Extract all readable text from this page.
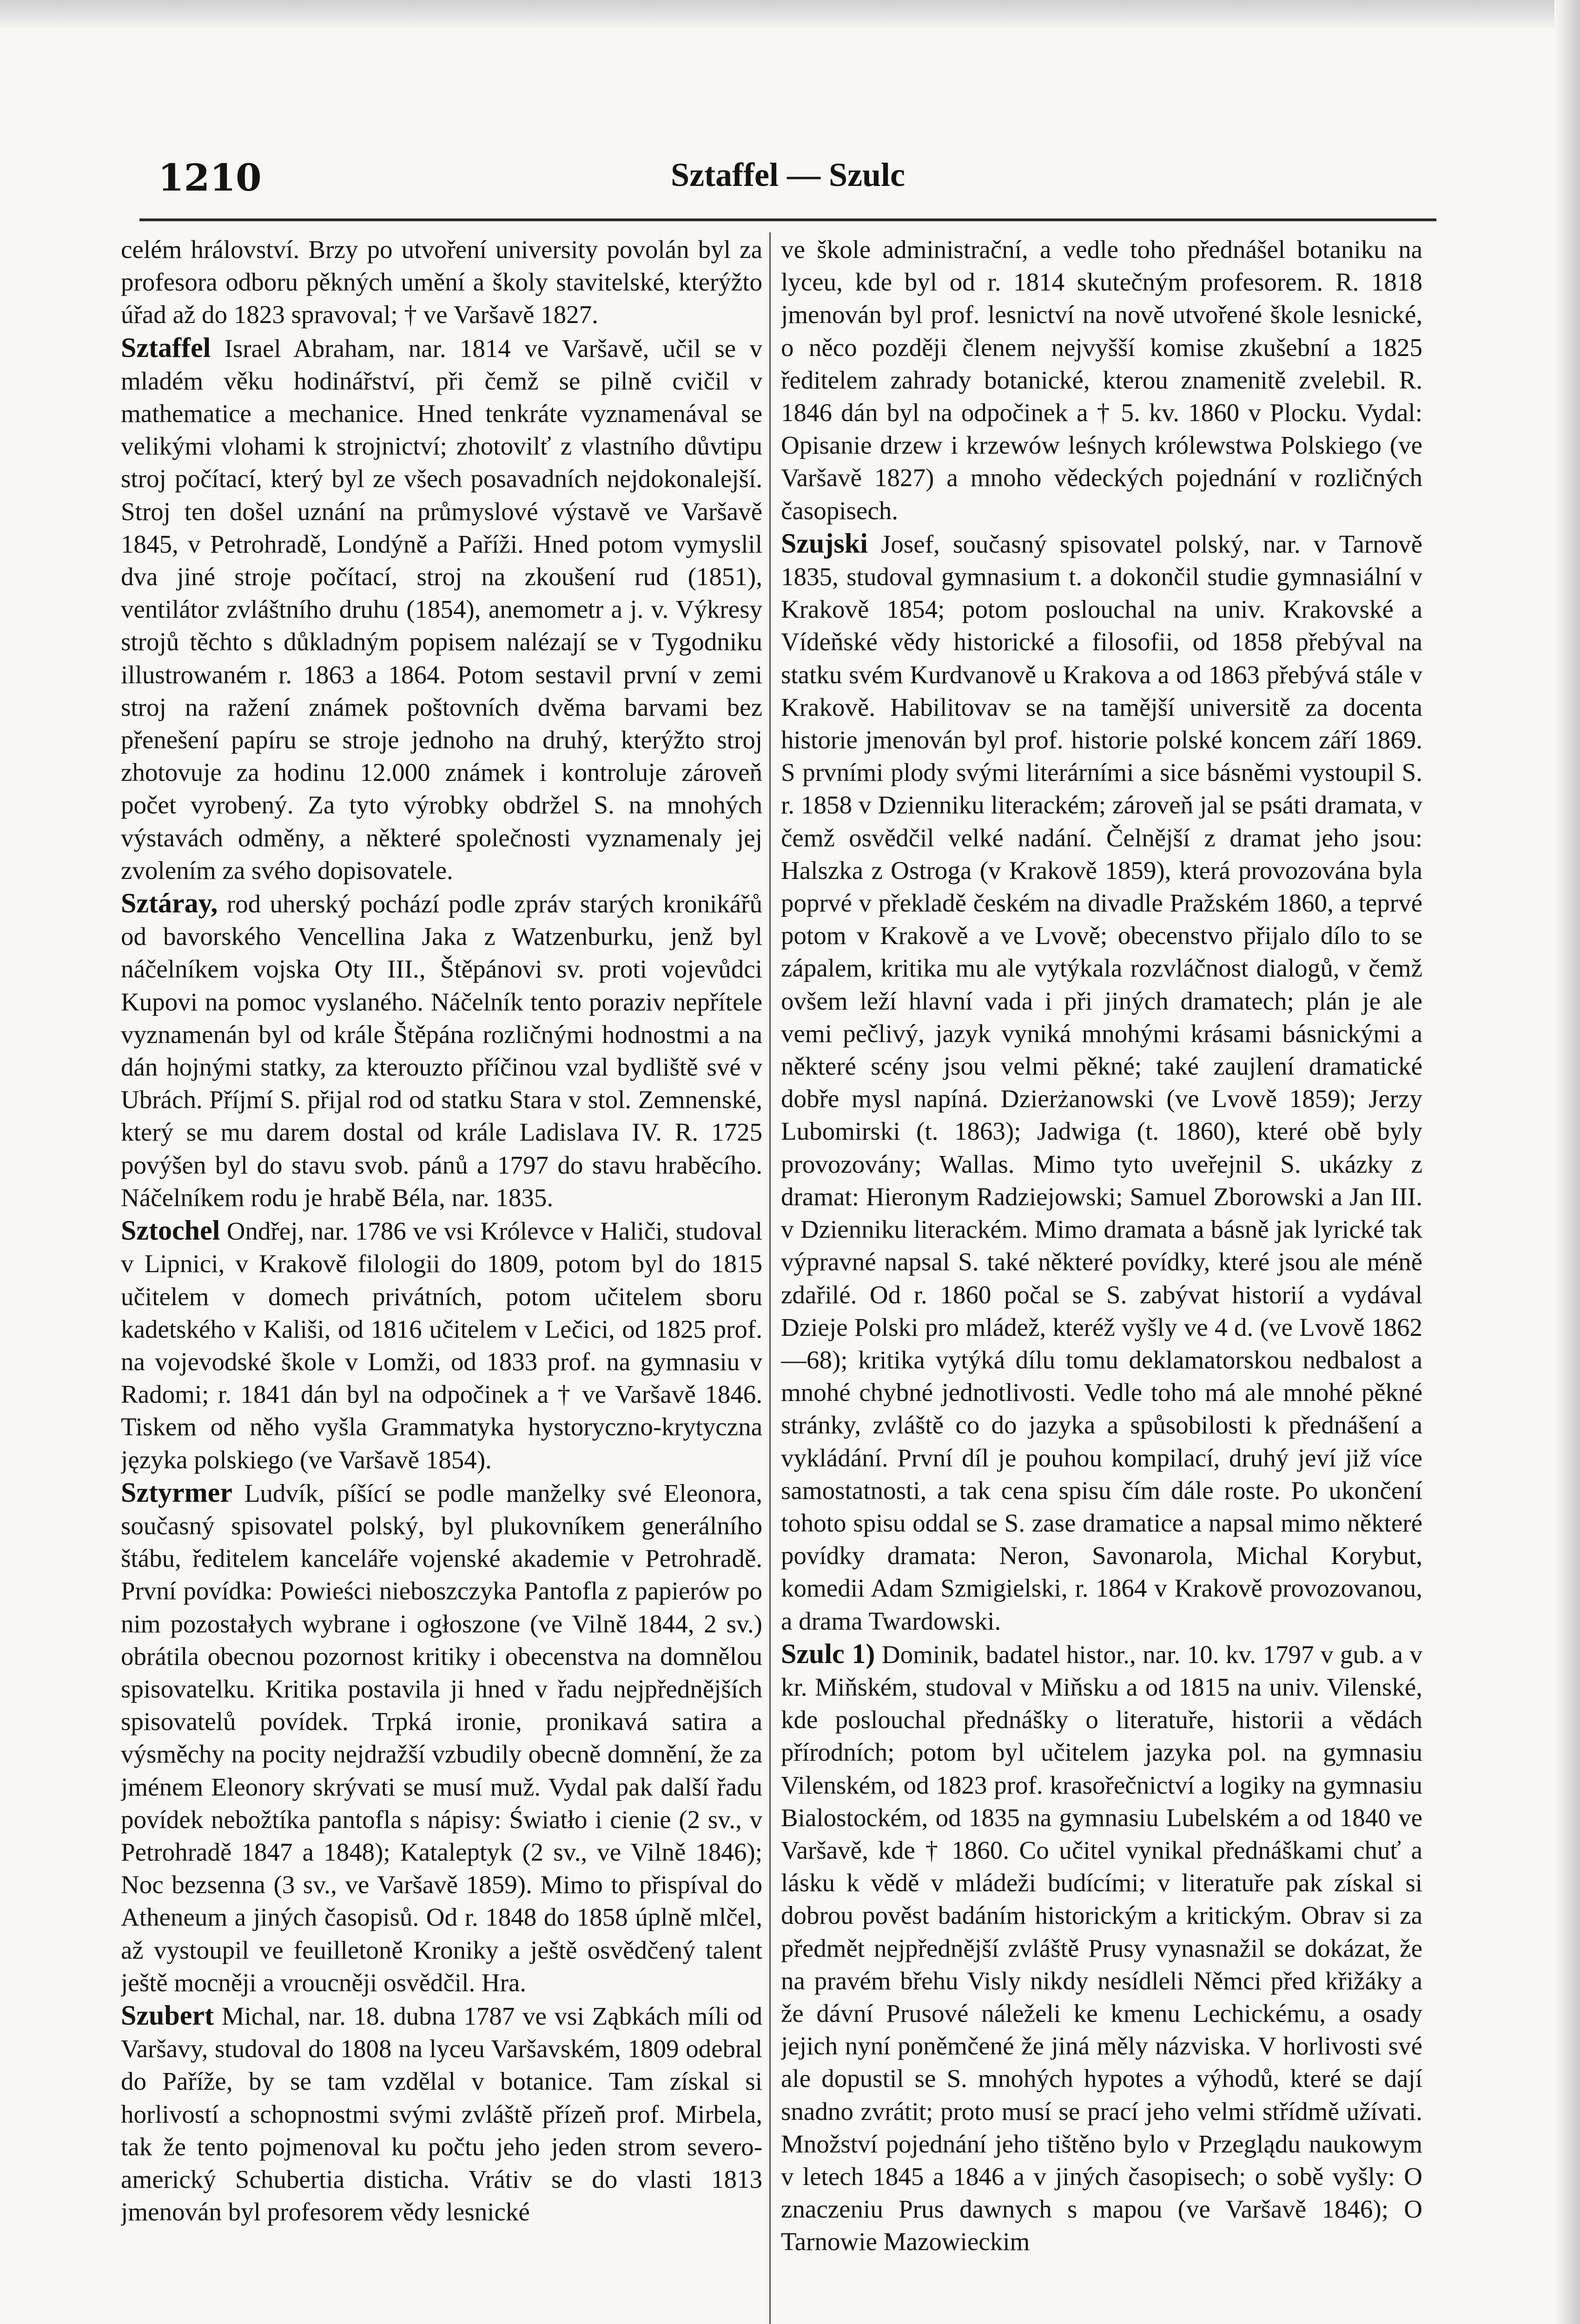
1210	Sztaffel — Szulc

celém hrálovství. Brzy po utvoření university povolán byl za profesora odboru pěkných umění a školy stavitelské, kterýžto úřad až do 1823 spravoval; † ve Varšavě 1827.

Sztaffel Israel Abraham, nar. 1814 ve Varšavě, učil se v mladém věku hodinářství, při čemž se pilně cvičil v mathematice a mechanice. Hned tenkráte vyznamenával se velikými vlohami k strojnictví; zhotovilť z vlastního důvtipu stroj počítací, který byl ze všech posavadních nejdokonalejší. Stroj ten došel uznání na průmyslové výstavě ve Varšavě 1845, v Petrohradě, Londýně a Paříži. Hned potom vymyslil dva jiné stroje počítací, stroj na zkoušení rud (1851), ventilátor zvláštního druhu (1854), anemometr a j. v. Výkresy strojů těchto s důkladným popisem nalézají se v Tygodniku illustrowaném r. 1863 a 1864. Potom sestavil první v zemi stroj na ražení známek poštovních dvěma barvami bez přenešení papíru se stroje jednoho na druhý, kterýžto stroj zhotovuje za hodinu 12.000 známek i kontroluje zároveň počet vyrobený. Za tyto výrobky obdržel S. na mnohých výstavách odměny, a některé společnosti vyznamenaly jej zvolením za svého dopisovatele.

Sztáray, rod uherský pochází podle zpráv starých kronikářů od bavorského Vencellina Jaka z Watzenburku, jenž byl náčelníkem vojska Oty III., Štěpánovi sv. proti vojevůdci Kupovi na pomoc vyslaného. Náčelník tento poraziv nepřítele vyznamenán byl od krále Štěpána rozličnými hodnostmi a na dán hojnými statky, za kterouzto příčinou vzal bydliště své v Ubrách. Příjmí S. přijal rod od statku Stara v stol. Zemnenské, který se mu darem dostal od krále Ladislava IV. R. 1725 povýšen byl do stavu svob. pánů a 1797 do stavu hraběcího. Náčelníkem rodu je hrabě Béla, nar. 1835.

Sztochel Ondřej, nar. 1786 ve vsi Królevce v Haliči, studoval v Lipnici, v Krakově filologii do 1809, potom byl do 1815 učitelem v domech privátních, potom učitelem sboru kadetského v Kališi, od 1816 učitelem v Lečici, od 1825 prof. na vojevodské škole v Lomži, od 1833 prof. na gymnasiu v Radomi; r. 1841 dán byl na odpočinek a † ve Varšavě 1846. Tiskem od něho vyšla Grammatyka hystoryczno-krytyczna języka polskiego (ve Varšavě 1854).

Sztyrmer Ludvík, píšící se podle manželky své Eleonora, současný spisovatel polský, byl plukovníkem generálního štábu, ředitelem kanceláře vojenské akademie v Petrohradě. První povídka: Powieści nieboszczyka Pantofla z papierów po nim pozostałych wybrane i ogłoszone (ve Vilně 1844, 2 sv.) obrátila obecnou pozornost kritiky i obecenstva na domnělou spisovatelku. Kritika postavila ji hned v řadu nejpřednějších spisovatelů povídek. Trpká ironie, pronikavá satira a výsměchy na pocity nejdražší vzbudily obecně domnění, že za jménem Eleonory skrývati se musí muž. Vydal pak další řadu povídek nebožtíka pantofla s nápisy: Światło i cienie (2 sv., v Petrohradě 1847 a 1848); Kataleptyk (2 sv., ve Vilně 1846); Noc bezsenna (3 sv., ve Varšavě 1859). Mimo to přispíval do Atheneum a jiných časopisů. Od r. 1848 do 1858 úplně mlčel, až vystoupil ve feuilletoně Kroniky a ještě osvědčený talent ještě mocněji a vroucněji osvědčil. Hra.

Szubert Michal, nar. 18. dubna 1787 ve vsi Ząbkách míli od Varšavy, studoval do 1808 na lyceu Varšavském, 1809 odebral do Paříže, by se tam vzdělal v botanice. Tam získal si horlivostí a schopnostmi svými zvláště přízeň prof. Mirbela, tak že tento pojmenoval ku počtu jeho jeden strom severo-americký Schubertia disticha. Vrátiv se do vlasti 1813 jmenován byl profesorem vědy lesnické

ve škole administrační, a vedle toho přednášel botaniku na lyceu, kde byl od r. 1814 skutečným profesorem. R. 1818 jmenován byl prof. lesnictví na nově utvořené škole lesnické, o něco později členem nejvyšší komise zkušební a 1825 ředitelem zahrady botanické, kterou znamenitě zvelebil. R. 1846 dán byl na odpočinek a † 5. kv. 1860 v Plocku. Vydal: Opisanie drzew i krzewów leśnych królewstwa Polskiego (ve Varšavě 1827) a mnoho vědeckých pojednání v rozličných časopisech.

Szujski Josef, současný spisovatel polský, nar. v Tarnově 1835, studoval gymnasium t. a dokončil studie gymnasiální v Krakově 1854; potom poslouchal na univ. Krakovské a Vídeňské vědy historické a filosofii, od 1858 přebýval na statku svém Kurdvanově u Krakova a od 1863 přebývá stále v Krakově. Habilitovav se na tamější universitě za docenta historie jmenován byl prof. historie polské koncem září 1869. S prvními plody svými literárními a sice básněmi vystoupil S. r. 1858 v Dzienniku literackém; zároveň jal se psáti dramata, v čemž osvědčil velké nadání. Čelnější z dramat jeho jsou: Halszka z Ostroga (v Krakově 1859), která provozována byla poprvé v překladě českém na divadle Pražském 1860, a teprvé potom v Krakově a ve Lvově; obecenstvo přijalo dílo to se zápalem, kritika mu ale vytýkala rozvláčnost dialogů, v čemž ovšem leží hlavní vada i při jiných dramatech; plán je ale vemi pečlivý, jazyk vyniká mnohými krásami básnickými a některé scény jsou velmi pěkné; také zaujlení dramatické dobře mysl napíná. Dzierżanowski (ve Lvově 1859); Jerzy Lubomirski (t. 1863); Jadwiga (t. 1860), které obě byly provozovány; Wallas. Mimo tyto uveřejnil S. ukázky z dramat: Hieronym Radziejowski; Samuel Zborowski a Jan III. v Dzienniku literackém. Mimo dramata a básně jak lyrické tak výpravné napsal S. také některé povídky, které jsou ale méně zdařilé. Od r. 1860 počal se S. zabývat historií a vydával Dzieje Polski pro mládež, kteréž vyšly ve 4 d. (ve Lvově 1862—68); kritika vytýká dílu tomu deklamatorskou nedbalost a mnohé chybné jednotlivosti. Vedle toho má ale mnohé pěkné stránky, zvláště co do jazyka a spůsobilosti k přednášení a vykládání. První díl je pouhou kompilací, druhý jeví již více samostatnosti, a tak cena spisu čím dále roste. Po ukončení tohoto spisu oddal se S. zase dramatice a napsal mimo některé povídky dramata: Neron, Savonarola, Michal Korybut, komedii Adam Szmigielski, r. 1864 v Krakově provozovanou, a drama Twardowski.

Szulc 1) Dominik, badatel histor., nar. 10. kv. 1797 v gub. a v kr. Miňském, studoval v Miňsku a od 1815 na univ. Vilenské, kde poslouchal přednášky o literatuře, historii a vědách přírodních; potom byl učitelem jazyka pol. na gymnasiu Vilenském, od 1823 prof. krasořečnictví a logiky na gymnasiu Bialostockém, od 1835 na gymnasiu Lubelském a od 1840 ve Varšavě, kde † 1860. Co učitel vynikal přednáškami chuť a lásku k vědě v mládeži budícími; v literatuře pak získal si dobrou pověst badáním historickým a kritickým. Obrav si za předmět nejpřednější zvláště Prusy vynasnažil se dokázat, že na pravém břehu Visly nikdy nesídleli Němci před křižáky a že dávní Prusové náleželi ke kmenu Lechickému, a osady jejich nyní poněmčené že jiná měly názviska. V horlivosti své ale dopustil se S. mnohých hypotes a výhodů, které se dají snadno zvrátit; proto musí se prací jeho velmi střídmě užívati. Množství pojednání jeho tištěno bylo v Przeglądu naukowym v letech 1845 a 1846 a v jiných časopisech; o sobě vyšly: O znaczeniu Prus dawnych s mapou (ve Varšavě 1846); O Tarnowie Mazowieckim
